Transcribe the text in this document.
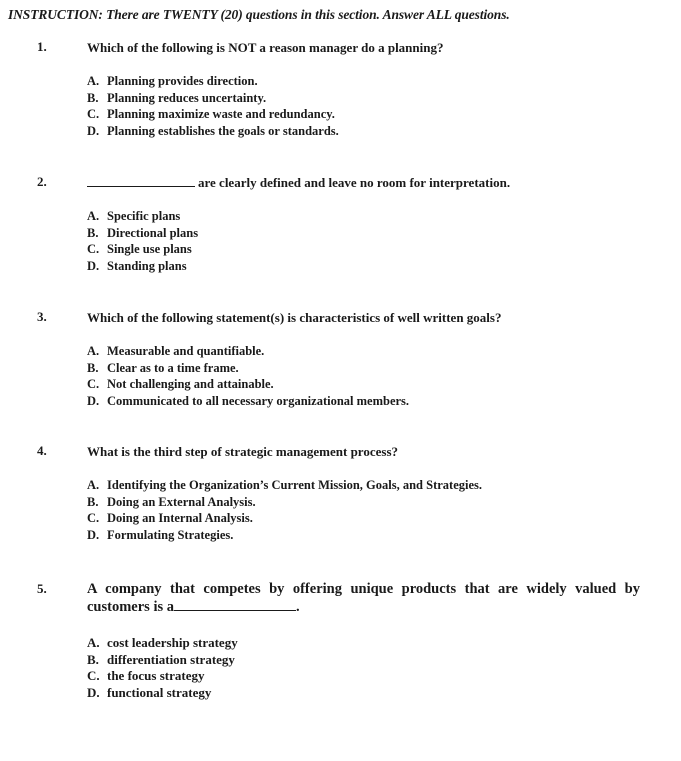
INSTRUCTION: There are TWENTY (20) questions in this section. Answer ALL questions.
1.	Which of the following is NOT a reason manager do a planning?
A. Planning provides direction.
B. Planning reduces uncertainty.
C. Planning maximize waste and redundancy.
D. Planning establishes the goals or standards.
2.	are clearly defined and leave no room for interpretation.
A. Specific plans
B. Directional plans
C. Single use plans
D. Standing plans
3.	Which of the following statement(s) is characteristics of well written goals?
A. Measurable and quantifiable.
B. Clear as to a time frame.
C. Not challenging and attainable.
D. Communicated to all necessary organizational members.
4.	What is the third step of strategic management process?
A. Identifying the Organization’s Current Mission, Goals, and Strategies.
B. Doing an External Analysis.
C. Doing an Internal Analysis.
D. Formulating Strategies.
5.	A company that competes by offering unique products that are widely valued by customers is a	.
A. cost leadership strategy
B. differentiation strategy
C. the focus strategy
D. functional strategy
